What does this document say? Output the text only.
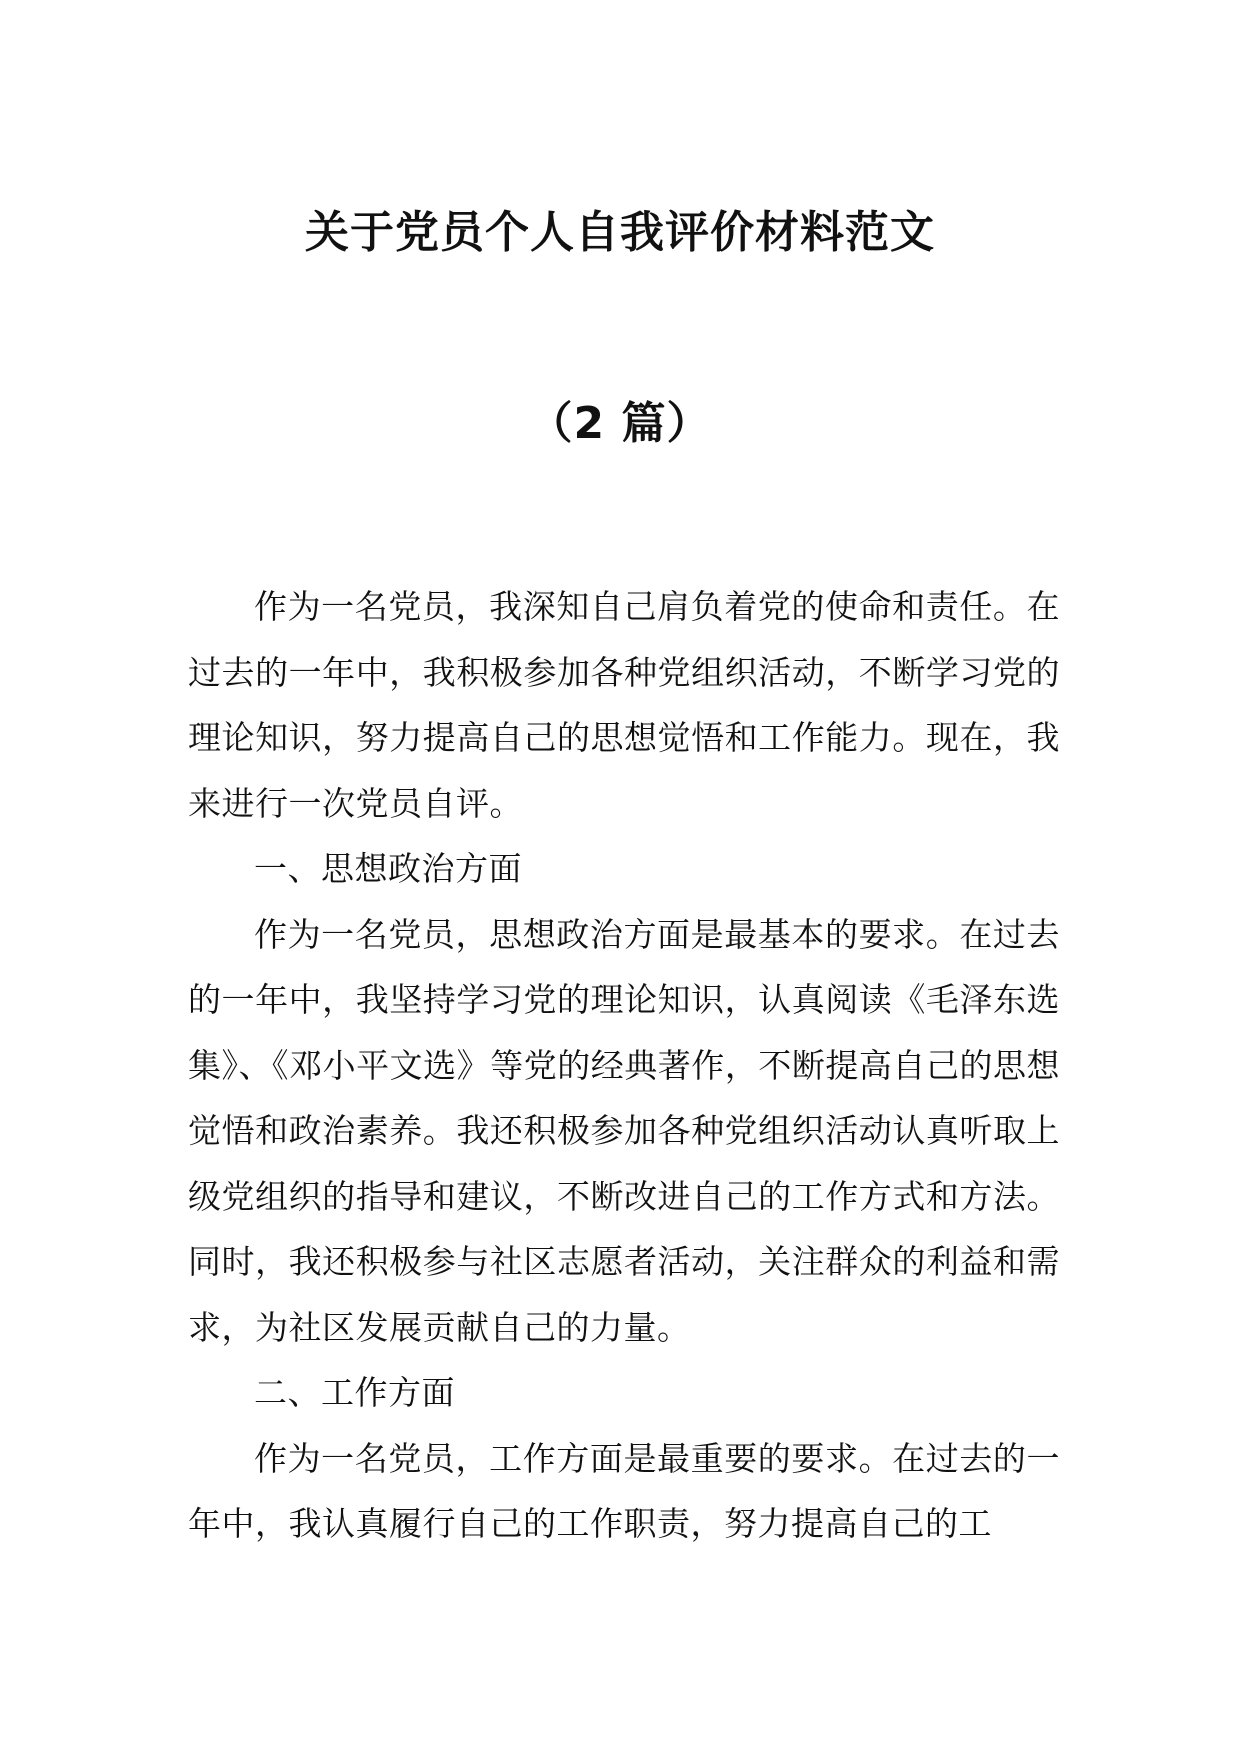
关于党员个人自我评价材料范文
（2 篇）

作为一名党员，我深知自己肩负着党的使命和责任。在过去的一年中，我积极参加各种党组织活动，不断学习党的理论知识，努力提高自己的思想觉悟和工作能力。现在，我来进行一次党员自评。

一、思想政治方面

作为一名党员，思想政治方面是最基本的要求。在过去的一年中，我坚持学习党的理论知识，认真阅读《毛泽东选集》、《邓小平文选》等党的经典著作，不断提高自己的思想觉悟和政治素养。我还积极参加各种党组织活动认真听取上级党组织的指导和建议，不断改进自己的工作方式和方法。同时，我还积极参与社区志愿者活动，关注群众的利益和需求，为社区发展贡献自己的力量。

二、工作方面

作为一名党员，工作方面是最重要的要求。在过去的一年中，我认真履行自己的工作职责，努力提高自己的工
